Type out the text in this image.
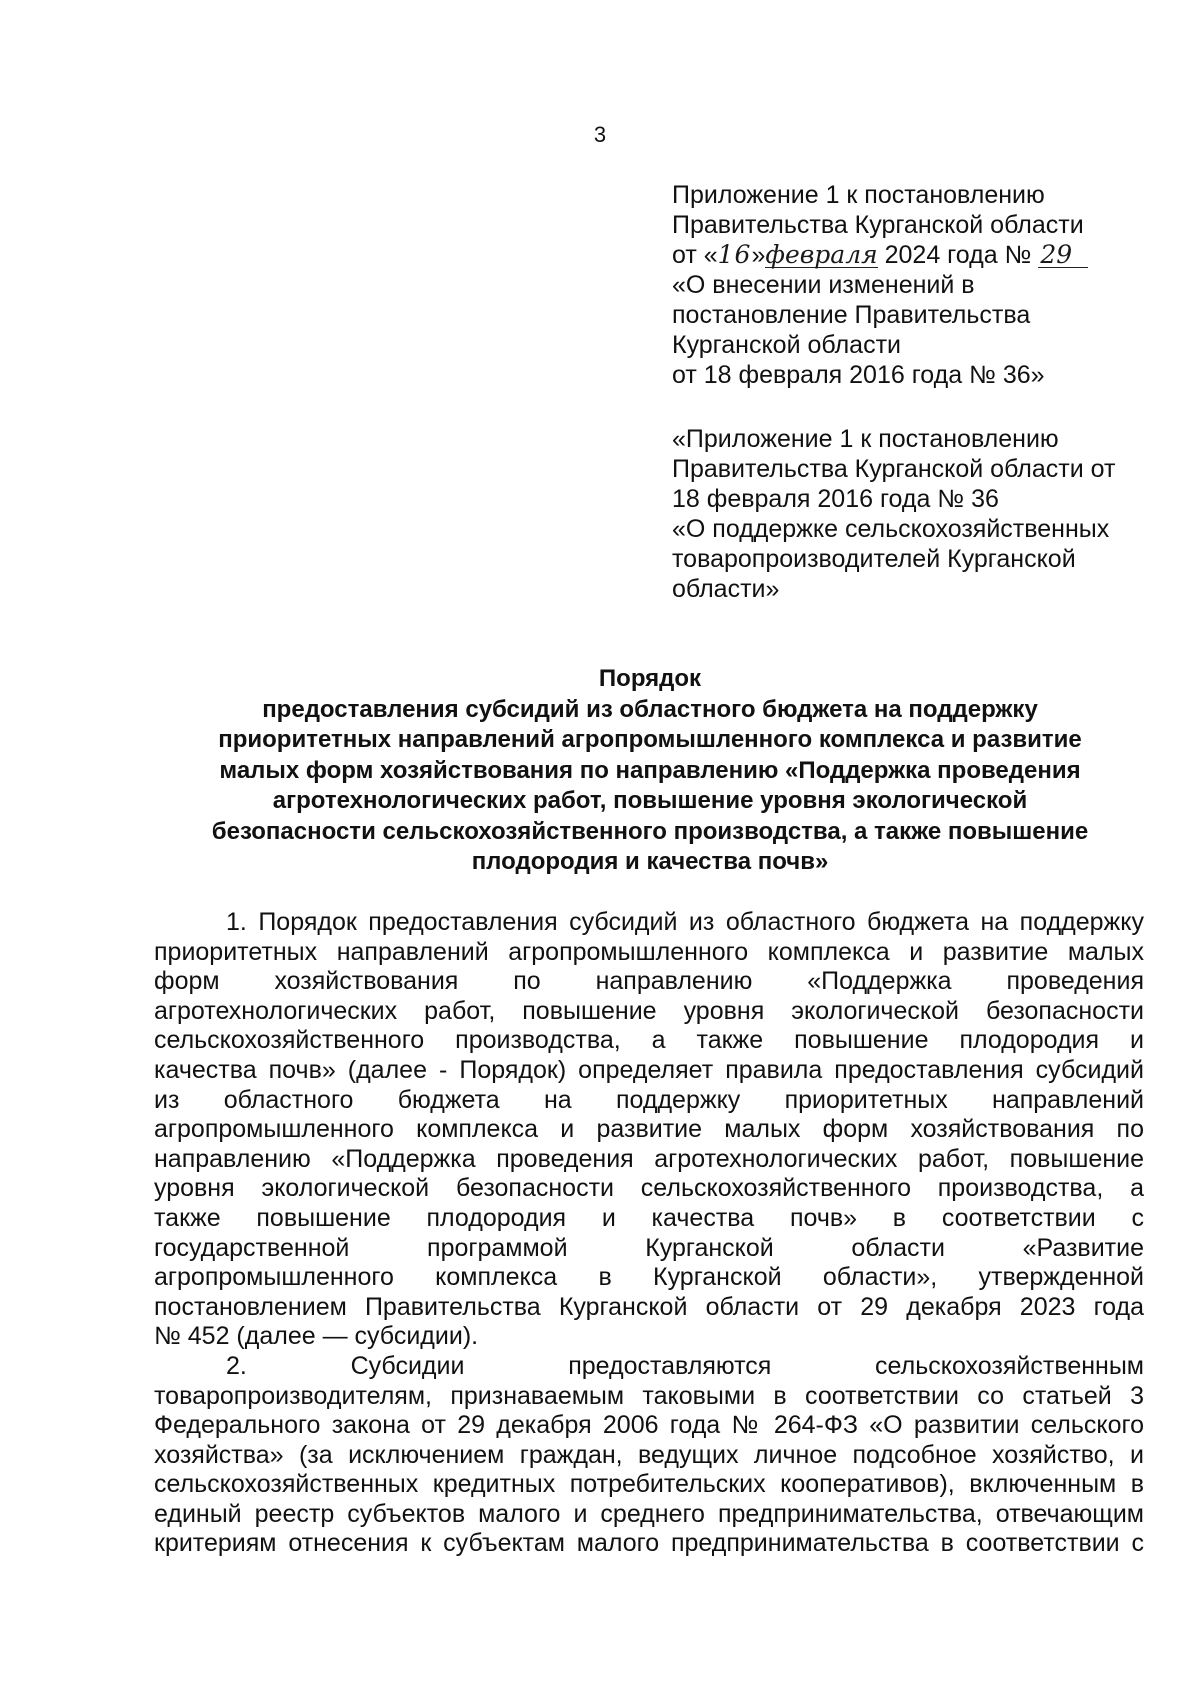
3
Приложение 1 к постановлению
Правительства Курганской области
от «16»февраля 2024 года № 29
«О внесении изменений в
постановление Правительства
Курганской области
от 18 февраля 2016 года № 36»
«Приложение 1 к постановлению
Правительства Курганской области от
18 февраля 2016 года № 36
«О поддержке сельскохозяйственных
товаропроизводителей Курганской
области»
Порядок
предоставления субсидий из областного бюджета на поддержку
приоритетных направлений агропромышленного комплекса и развитие
малых форм хозяйствования по направлению «Поддержка проведения
агротехнологических работ, повышение уровня экологической
безопасности сельскохозяйственного производства, а также повышение
плодородия и качества почв»
1. Порядок предоставления субсидий из областного бюджета на поддержку
приоритетных направлений агропромышленного комплекса и развитие малых
форм хозяйствования по направлению «Поддержка проведения
агротехнологических работ, повышение уровня экологической безопасности
сельскохозяйственного производства, а также повышение плодородия и
качества почв» (далее - Порядок) определяет правила предоставления субсидий
из областного бюджета на поддержку приоритетных направлений
агропромышленного комплекса и развитие малых форм хозяйствования по
направлению «Поддержка проведения агротехнологических работ, повышение
уровня экологической безопасности сельскохозяйственного производства, а
также повышение плодородия и качества почв» в соответствии с
государственной программой Курганской области «Развитие
агропромышленного комплекса в Курганской области», утвержденной
постановлением Правительства Курганской области от 29 декабря 2023 года
№ 452 (далее — субсидии).
2. Субсидии предоставляются сельскохозяйственным
товаропроизводителям, признаваемым таковыми в соответствии со статьей 3
Федерального закона от 29 декабря 2006 года № 264-ФЗ «О развитии сельского
хозяйства» (за исключением граждан, ведущих личное подсобное хозяйство, и
сельскохозяйственных кредитных потребительских кооперативов), включенным в
единый реестр субъектов малого и среднего предпринимательства, отвечающим
критериям отнесения к субъектам малого предпринимательства в соответствии с
